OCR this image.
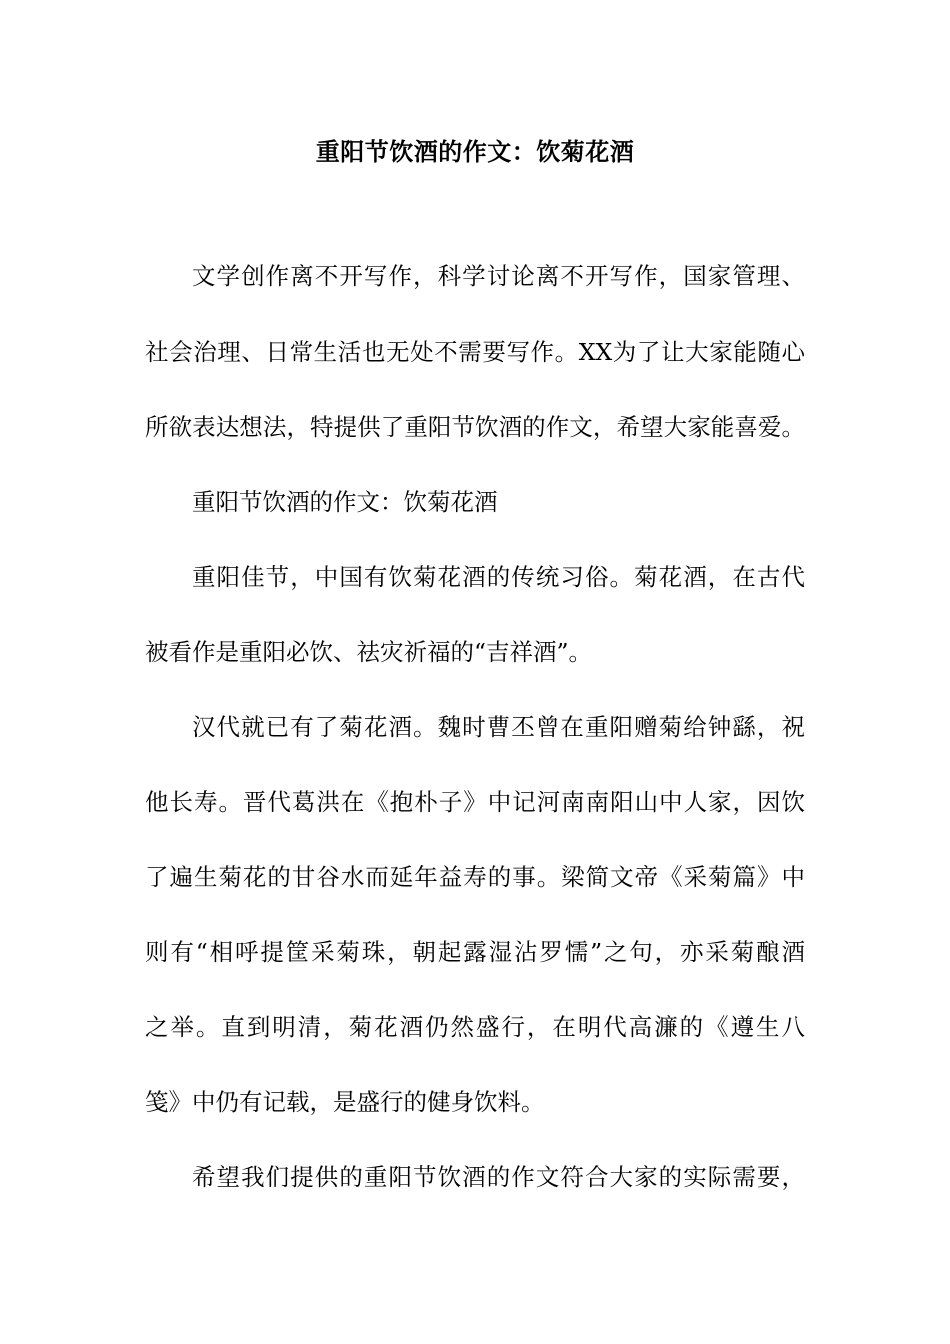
重阳节饮酒的作文：饮菊花酒
文学创作离不开写作，科学讨论离不开写作，国家管理、
社会治理、日常生活也无处不需要写作。XX为了让大家能随心
所欲表达想法，特提供了重阳节饮酒的作文，希望大家能喜爱。
重阳节饮酒的作文：饮菊花酒
重阳佳节，中国有饮菊花酒的传统习俗。菊花酒，在古代
被看作是重阳必饮、祛灾祈福的“吉祥酒”。
汉代就已有了菊花酒。魏时曹丕曾在重阳赠菊给钟繇，祝
他长寿。晋代葛洪在《抱朴子》中记河南南阳山中人家，因饮
了遍生菊花的甘谷水而延年益寿的事。梁简文帝《采菊篇》中
则有“相呼提筐采菊珠，朝起露湿沾罗懦”之句，亦采菊酿酒
之举。直到明清，菊花酒仍然盛行，在明代高濂的《遵生八
笺》中仍有记载，是盛行的健身饮料。
希望我们提供的重阳节饮酒的作文符合大家的实际需要，
